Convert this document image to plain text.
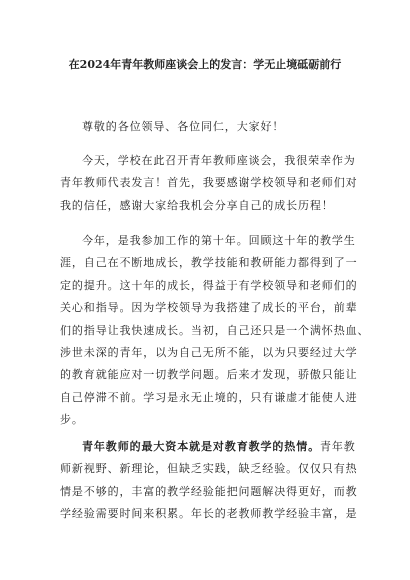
在2024年青年教师座谈会上的发言：学无止境砥砺前行
尊敬的各位领导、各位同仁，大家好！
今天，学校在此召开青年教师座谈会，我很荣幸作为
青年教师代表发言！首先，我要感谢学校领导和老师们对
我的信任，感谢大家给我机会分享自己的成长历程！
今年，是我参加工作的第十年。回顾这十年的教学生
涯，自己在不断地成长，教学技能和教研能力都得到了一
定的提升。这十年的成长，得益于有学校领导和老师们的
关心和指导。因为学校领导为我搭建了成长的平台，前辈
们的指导让我快速成长。当初，自己还只是一个满怀热血、
涉世未深的青年，以为自己无所不能，以为只要经过大学
的教育就能应对一切教学问题。后来才发现，骄傲只能让
自己停滞不前。学习是永无止境的，只有谦虚才能使人进
步。
青年教师的最大资本就是对教育教学的热情。青年教
师新视野、新理论，但缺乏实践，缺乏经验。仅仅只有热
情是不够的，丰富的教学经验能把问题解决得更好，而教
学经验需要时间来积累。年长的老教师教学经验丰富，是
